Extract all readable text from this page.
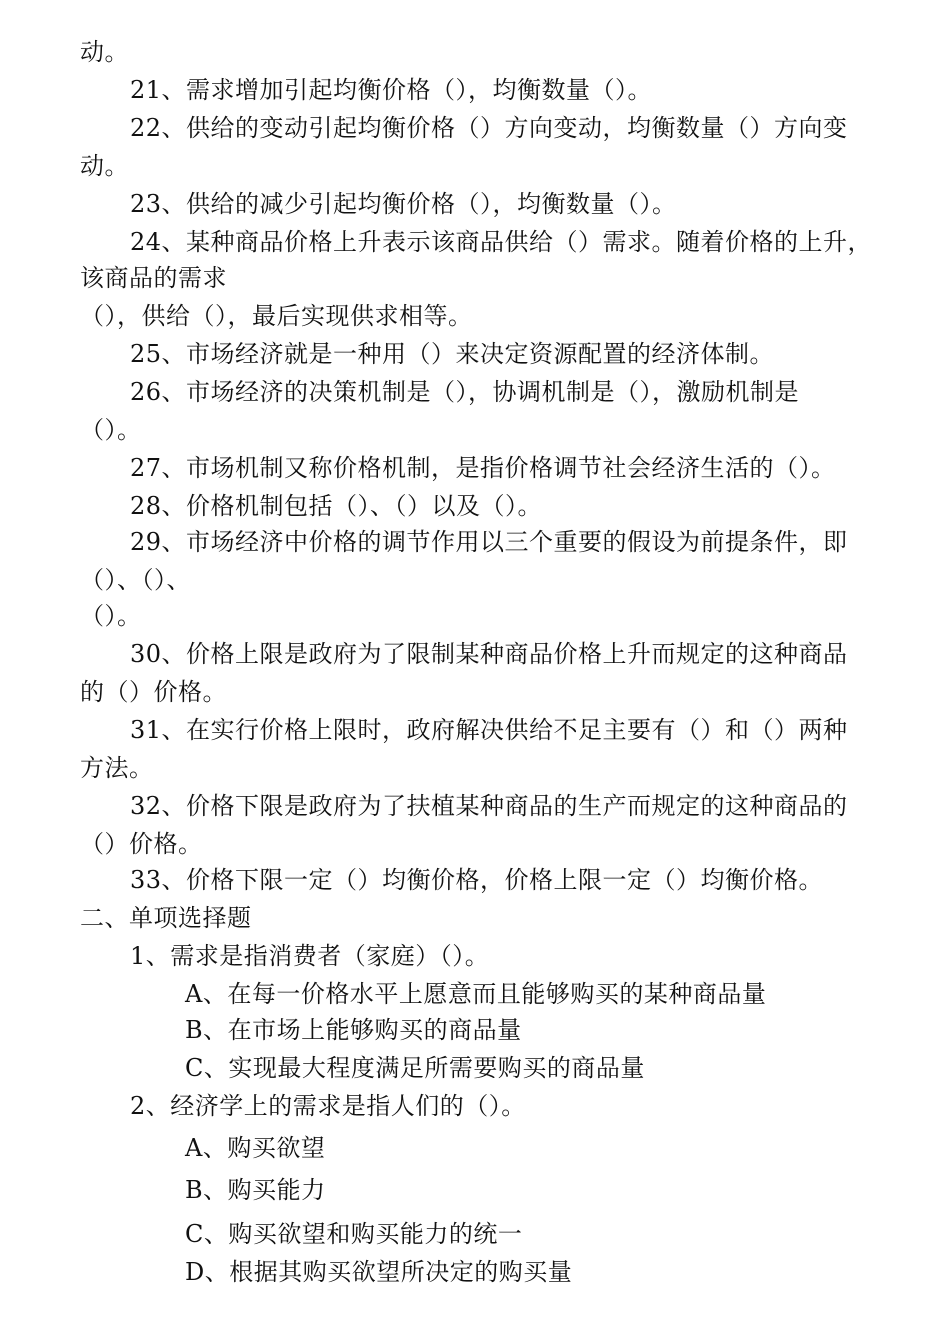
动。

21、需求增加引起均衡价格（），均衡数量（）。

22、供给的变动引起均衡价格（）方向变动，均衡数量（）方向变

动。

23、供给的减少引起均衡价格（），均衡数量（）。

24、某种商品价格上升表示该商品供给（）需求。随着价格的上升，

该商品的需求

（），供给（），最后实现供求相等。

25、市场经济就是一种用（）来决定资源配置的经济体制。

26、市场经济的决策机制是（），协调机制是（），激励机制是

（）。

27、市场机制又称价格机制，是指价格调节社会经济生活的（）。

28、价格机制包括（）、（）以及（）。

29、市场经济中价格的调节作用以三个重要的假设为前提条件，即

（）、（）、

（）。

30、价格上限是政府为了限制某种商品价格上升而规定的这种商品

的（）价格。

31、在实行价格上限时，政府解决供给不足主要有（）和（）两种

方法。

32、价格下限是政府为了扶植某种商品的生产而规定的这种商品的

（）价格。

33、价格下限一定（）均衡价格，价格上限一定（）均衡价格。

二、单项选择题

1、需求是指消费者（家庭）（）。

A、在每一价格水平上愿意而且能够购买的某种商品量

B、在市场上能够购买的商品量

C、实现最大程度满足所需要购买的商品量

2、经济学上的需求是指人们的（）。

A、购买欲望

B、购买能力

C、购买欲望和购买能力的统一

D、根据其购买欲望所决定的购买量
